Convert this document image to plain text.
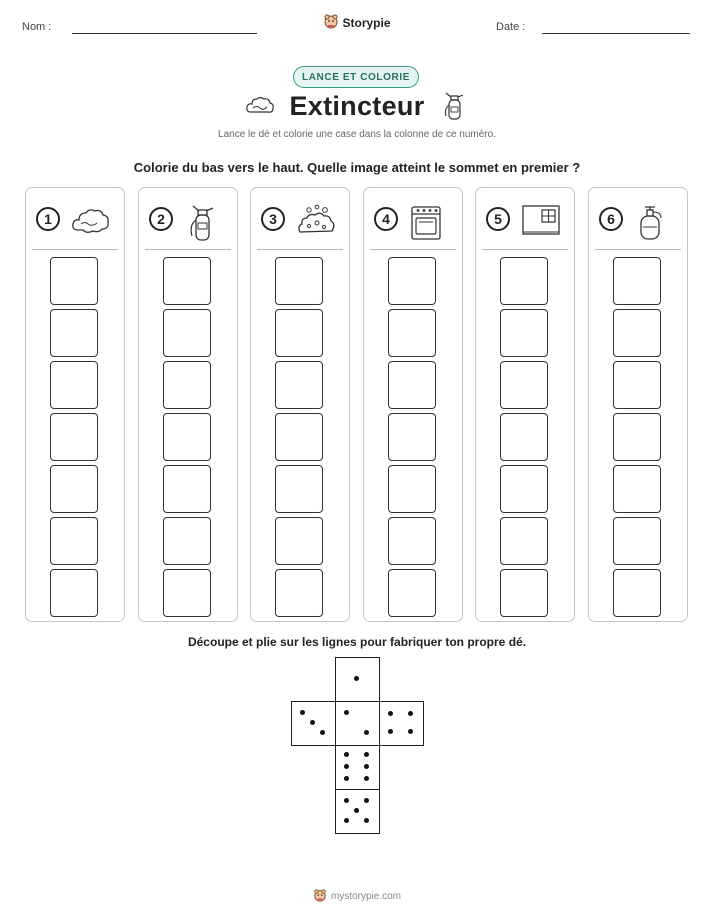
Nom :	Storypie	Date :
LANCE ET COLORIE
Extincteur
Lance le dé et colorie une case dans la colonne de ce numéro.
Colorie du bas vers le haut. Quelle image atteint le sommet en premier ?
1	2	3	4	5	6
Découpe et plie sur les lignes pour fabriquer ton propre dé.
mystorypie.com
